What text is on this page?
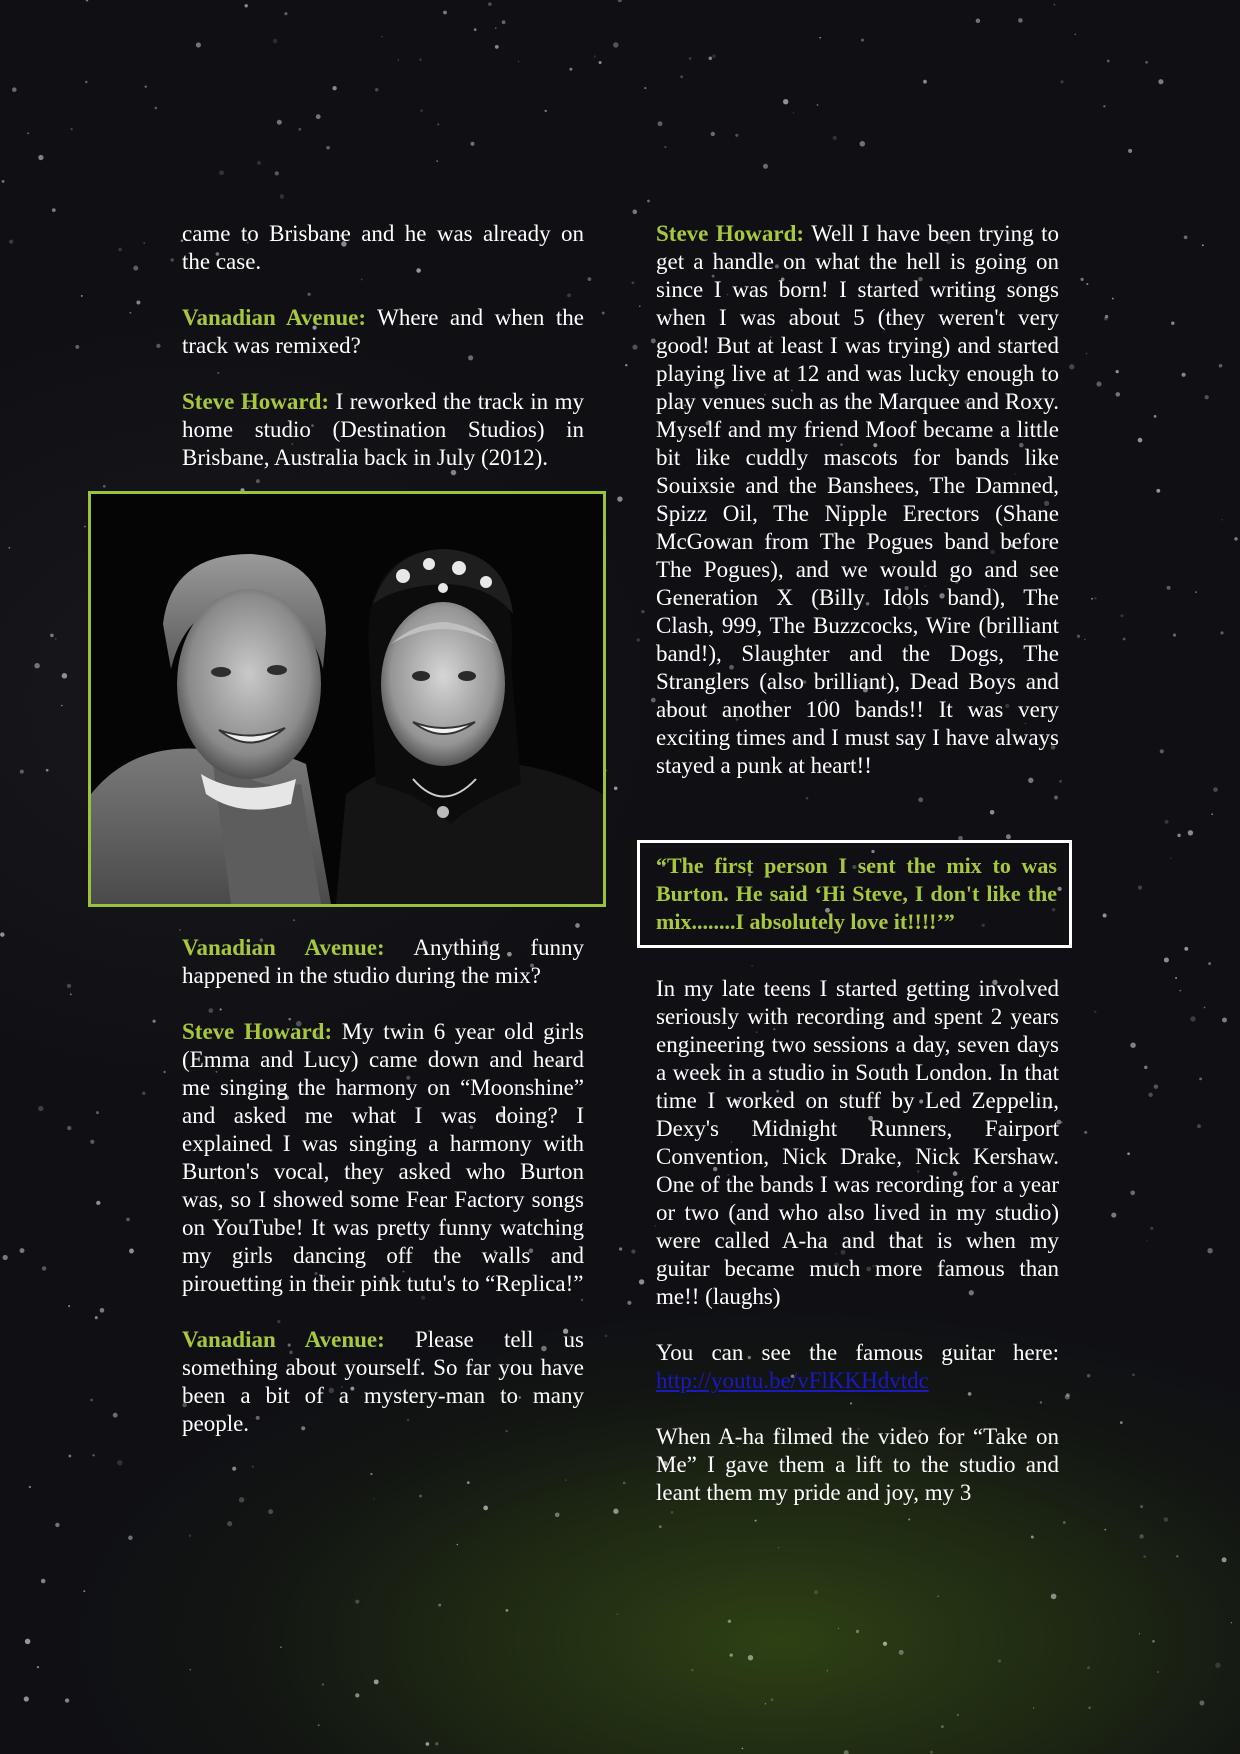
came to Brisbane and he was already on the case.

Vanadian Avenue: Where and when the track was remixed?

Steve Howard: I reworked the track in my home studio (Destination Studios) in Brisbane, Australia back in July (2012).

Vanadian Avenue: Anything funny happened in the studio during the mix?

Steve Howard: My twin 6 year old girls (Emma and Lucy) came down and heard me singing the harmony on “Moonshine” and asked me what I was doing? I explained I was singing a harmony with Burton's vocal, they asked who Burton was, so I showed some Fear Factory songs on YouTube! It was pretty funny watching my girls dancing off the walls and pirouetting in their pink tutu's to “Replica!”

Vanadian Avenue: Please tell us something about yourself. So far you have been a bit of a mystery-man to many people.

Steve Howard: Well I have been trying to get a handle on what the hell is going on since I was born! I started writing songs when I was about 5 (they weren't very good! But at least I was trying) and started playing live at 12 and was lucky enough to play venues such as the Marquee and Roxy. Myself and my friend Moof became a little bit like cuddly mascots for bands like Souixsie and the Banshees, The Damned, Spizz Oil, The Nipple Erectors (Shane McGowan from The Pogues band before The Pogues), and we would go and see Generation X (Billy Idols band), The Clash, 999, The Buzzcocks, Wire (brilliant band!), Slaughter and the Dogs, The Stranglers (also brilliant), Dead Boys and about another 100 bands!! It was very exciting times and I must say I have always stayed a punk at heart!!

“The first person I sent the mix to was Burton. He said ‘Hi Steve, I don't like the mix........I absolutely love it!!!!’”

In my late teens I started getting involved seriously with recording and spent 2 years engineering two sessions a day, seven days a week in a studio in South London. In that time I worked on stuff by Led Zeppelin, Dexy's Midnight Runners, Fairport Convention, Nick Drake, Nick Kershaw. One of the bands I was recording for a year or two (and who also lived in my studio) were called A-ha and that is when my guitar became much more famous than me!! (laughs)

You can see the famous guitar here: http://youtu.be/vFlKKHdvtdc

When A-ha filmed the video for “Take on Me” I gave them a lift to the studio and leant them my pride and joy, my 3
